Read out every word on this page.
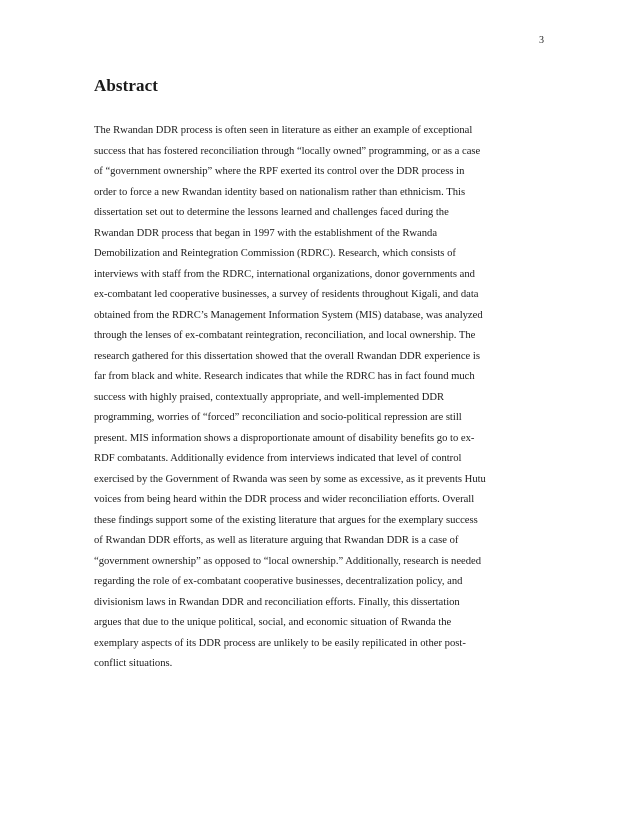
3
Abstract
The Rwandan DDR process is often seen in literature as either an example of exceptional
success that has fostered reconciliation through “locally owned” programming, or as a case
of “government ownership” where the RPF exerted its control over the DDR process in
order to force a new Rwandan identity based on nationalism rather than ethnicism. This
dissertation set out to determine the lessons learned and challenges faced during the
Rwandan DDR process that began in 1997 with the establishment of the Rwanda
Demobilization and Reintegration Commission (RDRC). Research, which consists of
interviews with staff from the RDRC, international organizations, donor governments and
ex-combatant led cooperative businesses, a survey of residents throughout Kigali, and data
obtained from the RDRC’s Management Information System (MIS) database, was analyzed
through the lenses of ex-combatant reintegration, reconciliation, and local ownership. The
research gathered for this dissertation showed that the overall Rwandan DDR experience is
far from black and white. Research indicates that while the RDRC has in fact found much
success with highly praised, contextually appropriate, and well-implemented DDR
programming, worries of “forced” reconciliation and socio-political repression are still
present. MIS information shows a disproportionate amount of disability benefits go to ex-
RDF combatants. Additionally evidence from interviews indicated that level of control
exercised by the Government of Rwanda was seen by some as excessive, as it prevents Hutu
voices from being heard within the DDR process and wider reconciliation efforts. Overall
these findings support some of the existing literature that argues for the exemplary success
of Rwandan DDR efforts, as well as literature arguing that Rwandan DDR is a case of
“government ownership” as opposed to “local ownership.” Additionally, research is needed
regarding the role of ex-combatant cooperative businesses, decentralization policy, and
divisionism laws in Rwandan DDR and reconciliation efforts. Finally, this dissertation
argues that due to the unique political, social, and economic situation of Rwanda the
exemplary aspects of its DDR process are unlikely to be easily repilicated in other post-
conflict situations.
